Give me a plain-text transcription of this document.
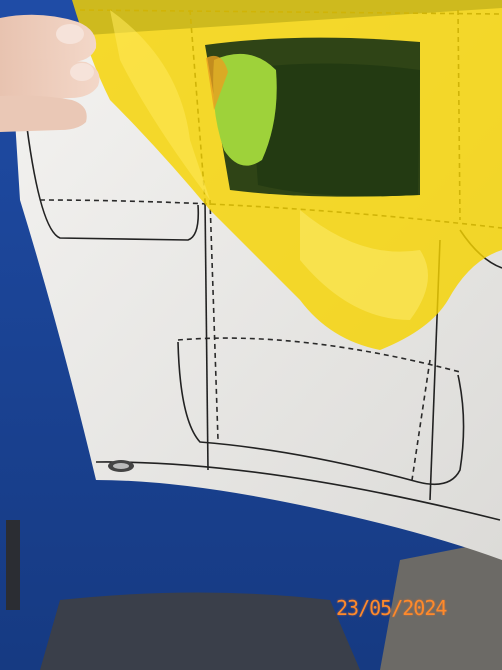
23/05/2024
